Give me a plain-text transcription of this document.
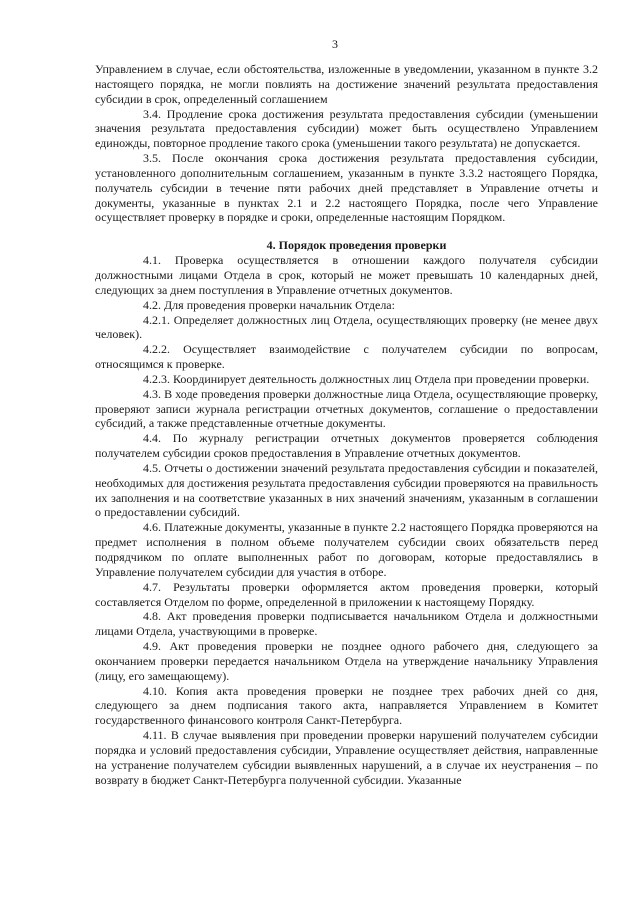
3

Управлением в случае, если обстоятельства, изложенные в уведомлении, указанном в пункте 3.2 настоящего порядка, не могли повлиять на достижение значений результата предоставления субсидии в срок, определенный соглашением

3.4. Продление срока достижения результата предоставления субсидии (уменьшении значения результата предоставления субсидии) может быть осуществлено Управлением единожды, повторное продление такого срока (уменьшении такого результата) не допускается.

3.5. После окончания срока достижения результата предоставления субсидии, установленного дополнительным соглашением, указанным в пункте 3.3.2 настоящего Порядка, получатель субсидии в течение пяти рабочих дней представляет в Управление отчеты и документы, указанные в пунктах 2.1 и 2.2 настоящего Порядка, после чего Управление осуществляет проверку в порядке и сроки, определенные настоящим Порядком.

4. Порядок проведения проверки

4.1. Проверка осуществляется в отношении каждого получателя субсидии должностными лицами Отдела в срок, который не может превышать 10 календарных дней, следующих за днем поступления в Управление отчетных документов.

4.2. Для проведения проверки начальник Отдела:

4.2.1. Определяет должностных лиц Отдела, осуществляющих проверку (не менее двух человек).

4.2.2. Осуществляет взаимодействие с получателем субсидии по вопросам, относящимся к проверке.

4.2.3. Координирует деятельность должностных лиц Отдела при проведении проверки.

4.3. В ходе проведения проверки должностные лица Отдела, осуществляющие проверку, проверяют записи журнала регистрации отчетных документов, соглашение о предоставлении субсидий, а также представленные отчетные документы.

4.4. По журналу регистрации отчетных документов проверяется соблюдения получателем субсидии сроков предоставления в Управление отчетных документов.

4.5. Отчеты о достижении значений результата предоставления субсидии и показателей, необходимых для достижения результата предоставления субсидии проверяются на правильность их заполнения и на соответствие указанных в них значений значениям, указанным в соглашении о предоставлении субсидий.

4.6. Платежные документы, указанные в пункте 2.2 настоящего Порядка проверяются на предмет исполнения в полном объеме получателем субсидии своих обязательств перед подрядчиком по оплате выполненных работ по договорам, которые предоставлялись в Управление получателем субсидии для участия в отборе.

4.7. Результаты проверки оформляется актом проведения проверки, который составляется Отделом по форме, определенной в приложении к настоящему Порядку.

4.8. Акт проведения проверки подписывается начальником Отдела и должностными лицами Отдела, участвующими в проверке.

4.9. Акт проведения проверки не позднее одного рабочего дня, следующего за окончанием проверки передается начальником Отдела на утверждение начальнику Управления (лицу, его замещающему).

4.10. Копия акта проведения проверки не позднее трех рабочих дней со дня, следующего за днем подписания такого акта, направляется Управлением в Комитет государственного финансового контроля Санкт-Петербурга.

4.11. В случае выявления при проведении проверки нарушений получателем субсидии порядка и условий предоставления субсидии, Управление осуществляет действия, направленные на устранение получателем субсидии выявленных нарушений, а в случае их неустранения – по возврату в бюджет Санкт-Петербурга полученной субсидии. Указанные
